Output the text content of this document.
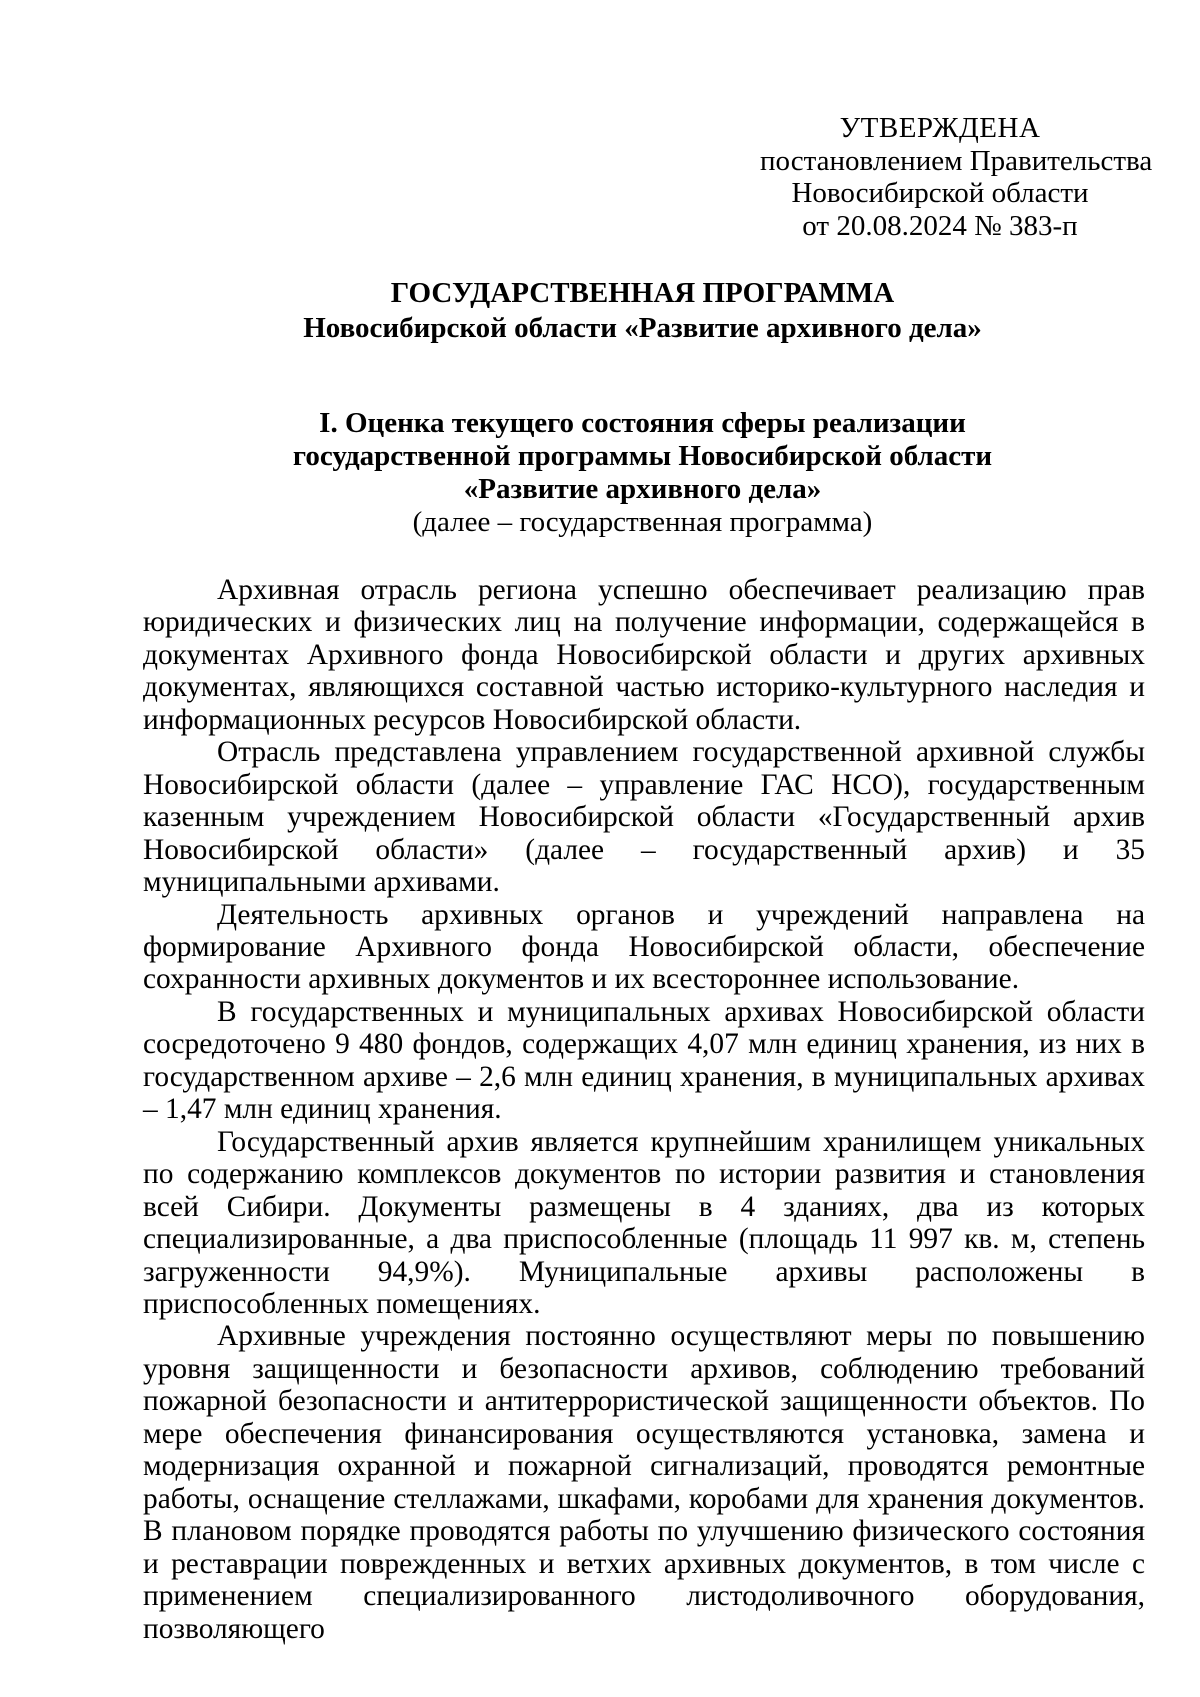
УТВЕРЖДЕНА
постановлением Правительства
Новосибирской области
от 20.08.2024 № 383-п
ГОСУДАРСТВЕННАЯ ПРОГРАММА
Новосибирской области «Развитие архивного дела»
I. Оценка текущего состояния сферы реализации
государственной программы Новосибирской области
«Развитие архивного дела»
(далее – государственная программа)

Архивная отрасль региона успешно обеспечивает реализацию прав юридических и физических лиц на получение информации, содержащейся в документах Архивного фонда Новосибирской области и других архивных документах, являющихся составной частью историко-культурного наследия и информационных ресурсов Новосибирской области.

Отрасль представлена управлением государственной архивной службы Новосибирской области (далее – управление ГАС НСО), государственным казенным учреждением Новосибирской области «Государственный архив Новосибирской области» (далее – государственный архив) и 35 муниципальными архивами.

Деятельность архивных органов и учреждений направлена на формирование Архивного фонда Новосибирской области, обеспечение сохранности архивных документов и их всестороннее использование.

В государственных и муниципальных архивах Новосибирской области сосредоточено 9 480 фондов, содержащих 4,07 млн единиц хранения, из них в государственном архиве – 2,6 млн единиц хранения, в муниципальных архивах – 1,47 млн единиц хранения.

Государственный архив является крупнейшим хранилищем уникальных по содержанию комплексов документов по истории развития и становления всей Сибири. Документы размещены в 4 зданиях, два из которых специализированные, а два приспособленные (площадь 11 997 кв. м, степень загруженности 94,9%). Муниципальные архивы расположены в приспособленных помещениях.

Архивные учреждения постоянно осуществляют меры по повышению уровня защищенности и безопасности архивов, соблюдению требований пожарной безопасности и антитеррористической защищенности объектов. По мере обеспечения финансирования осуществляются установка, замена и модернизация охранной и пожарной сигнализаций, проводятся ремонтные работы, оснащение стеллажами, шкафами, коробами для хранения документов. В плановом порядке проводятся работы по улучшению физического состояния и реставрации поврежденных и ветхих архивных документов, в том числе с применением специализированного листодоливочного оборудования, позволяющего
